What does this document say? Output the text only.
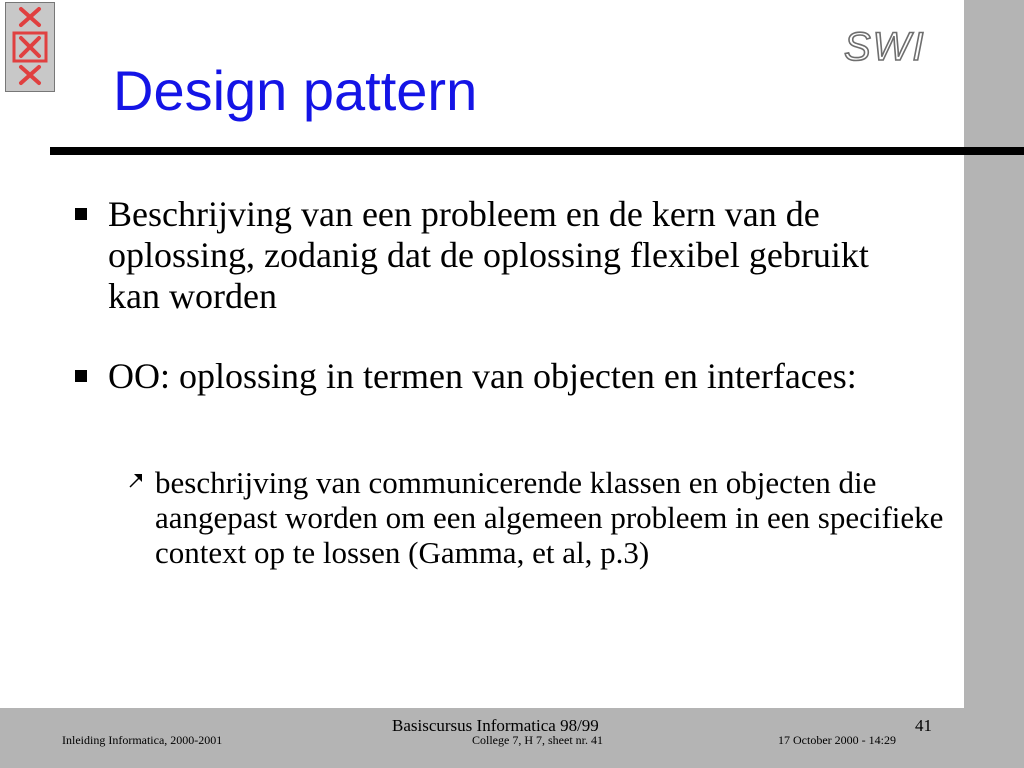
SWI
Design pattern

Beschrijving van een probleem en de kern van de oplossing, zodanig dat de oplossing flexibel gebruikt kan worden

OO: oplossing in termen van objecten en interfaces:

beschrijving van communicerende klassen en objecten die aangepast worden om een algemeen probleem in een specifieke context op te lossen (Gamma, et al, p.3)

Inleiding Informatica, 2000-2001
Basiscursus Informatica 98/99
College 7, H 7, sheet nr. 41
41
17 October 2000 - 14:29
